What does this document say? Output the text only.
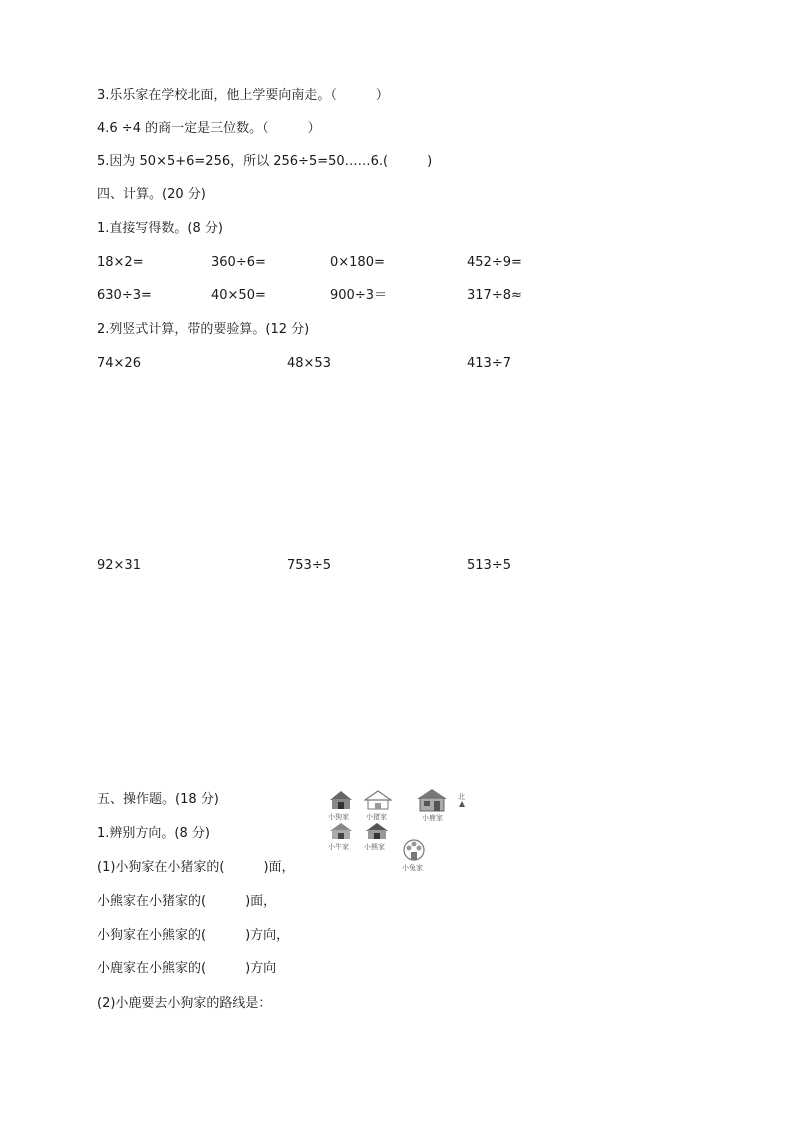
3.乐乐家在学校北面，他上学要向南走。（　　　）
4.6 ÷4 的商一定是三位数。（　　　）
5.因为 50×5+6=256，所以 256÷5=50……6.(　　　)
四、计算。(20 分)
1.直接写得数。(8 分)
18×2=	360÷6=	0×180=	452÷9=
630÷3=	40×50=	900÷3＝	317÷8≈
2.列竖式计算，带的要验算。(12 分)
74×26	48×53	413÷7
92×31	753÷5	513÷5
五、操作题。(18 分)
1.辨别方向。(8 分)
(1)小狗家在小猪家的(　　　)面，
小熊家在小猪家的(　　　)面，
小狗家在小熊家的(　　　)方向，
小鹿家在小熊家的(　　　)方向
(2)小鹿要去小狗家的路线是：
小狗家 小猪家	小鹿家
北
小牛家 小熊家
小兔家
